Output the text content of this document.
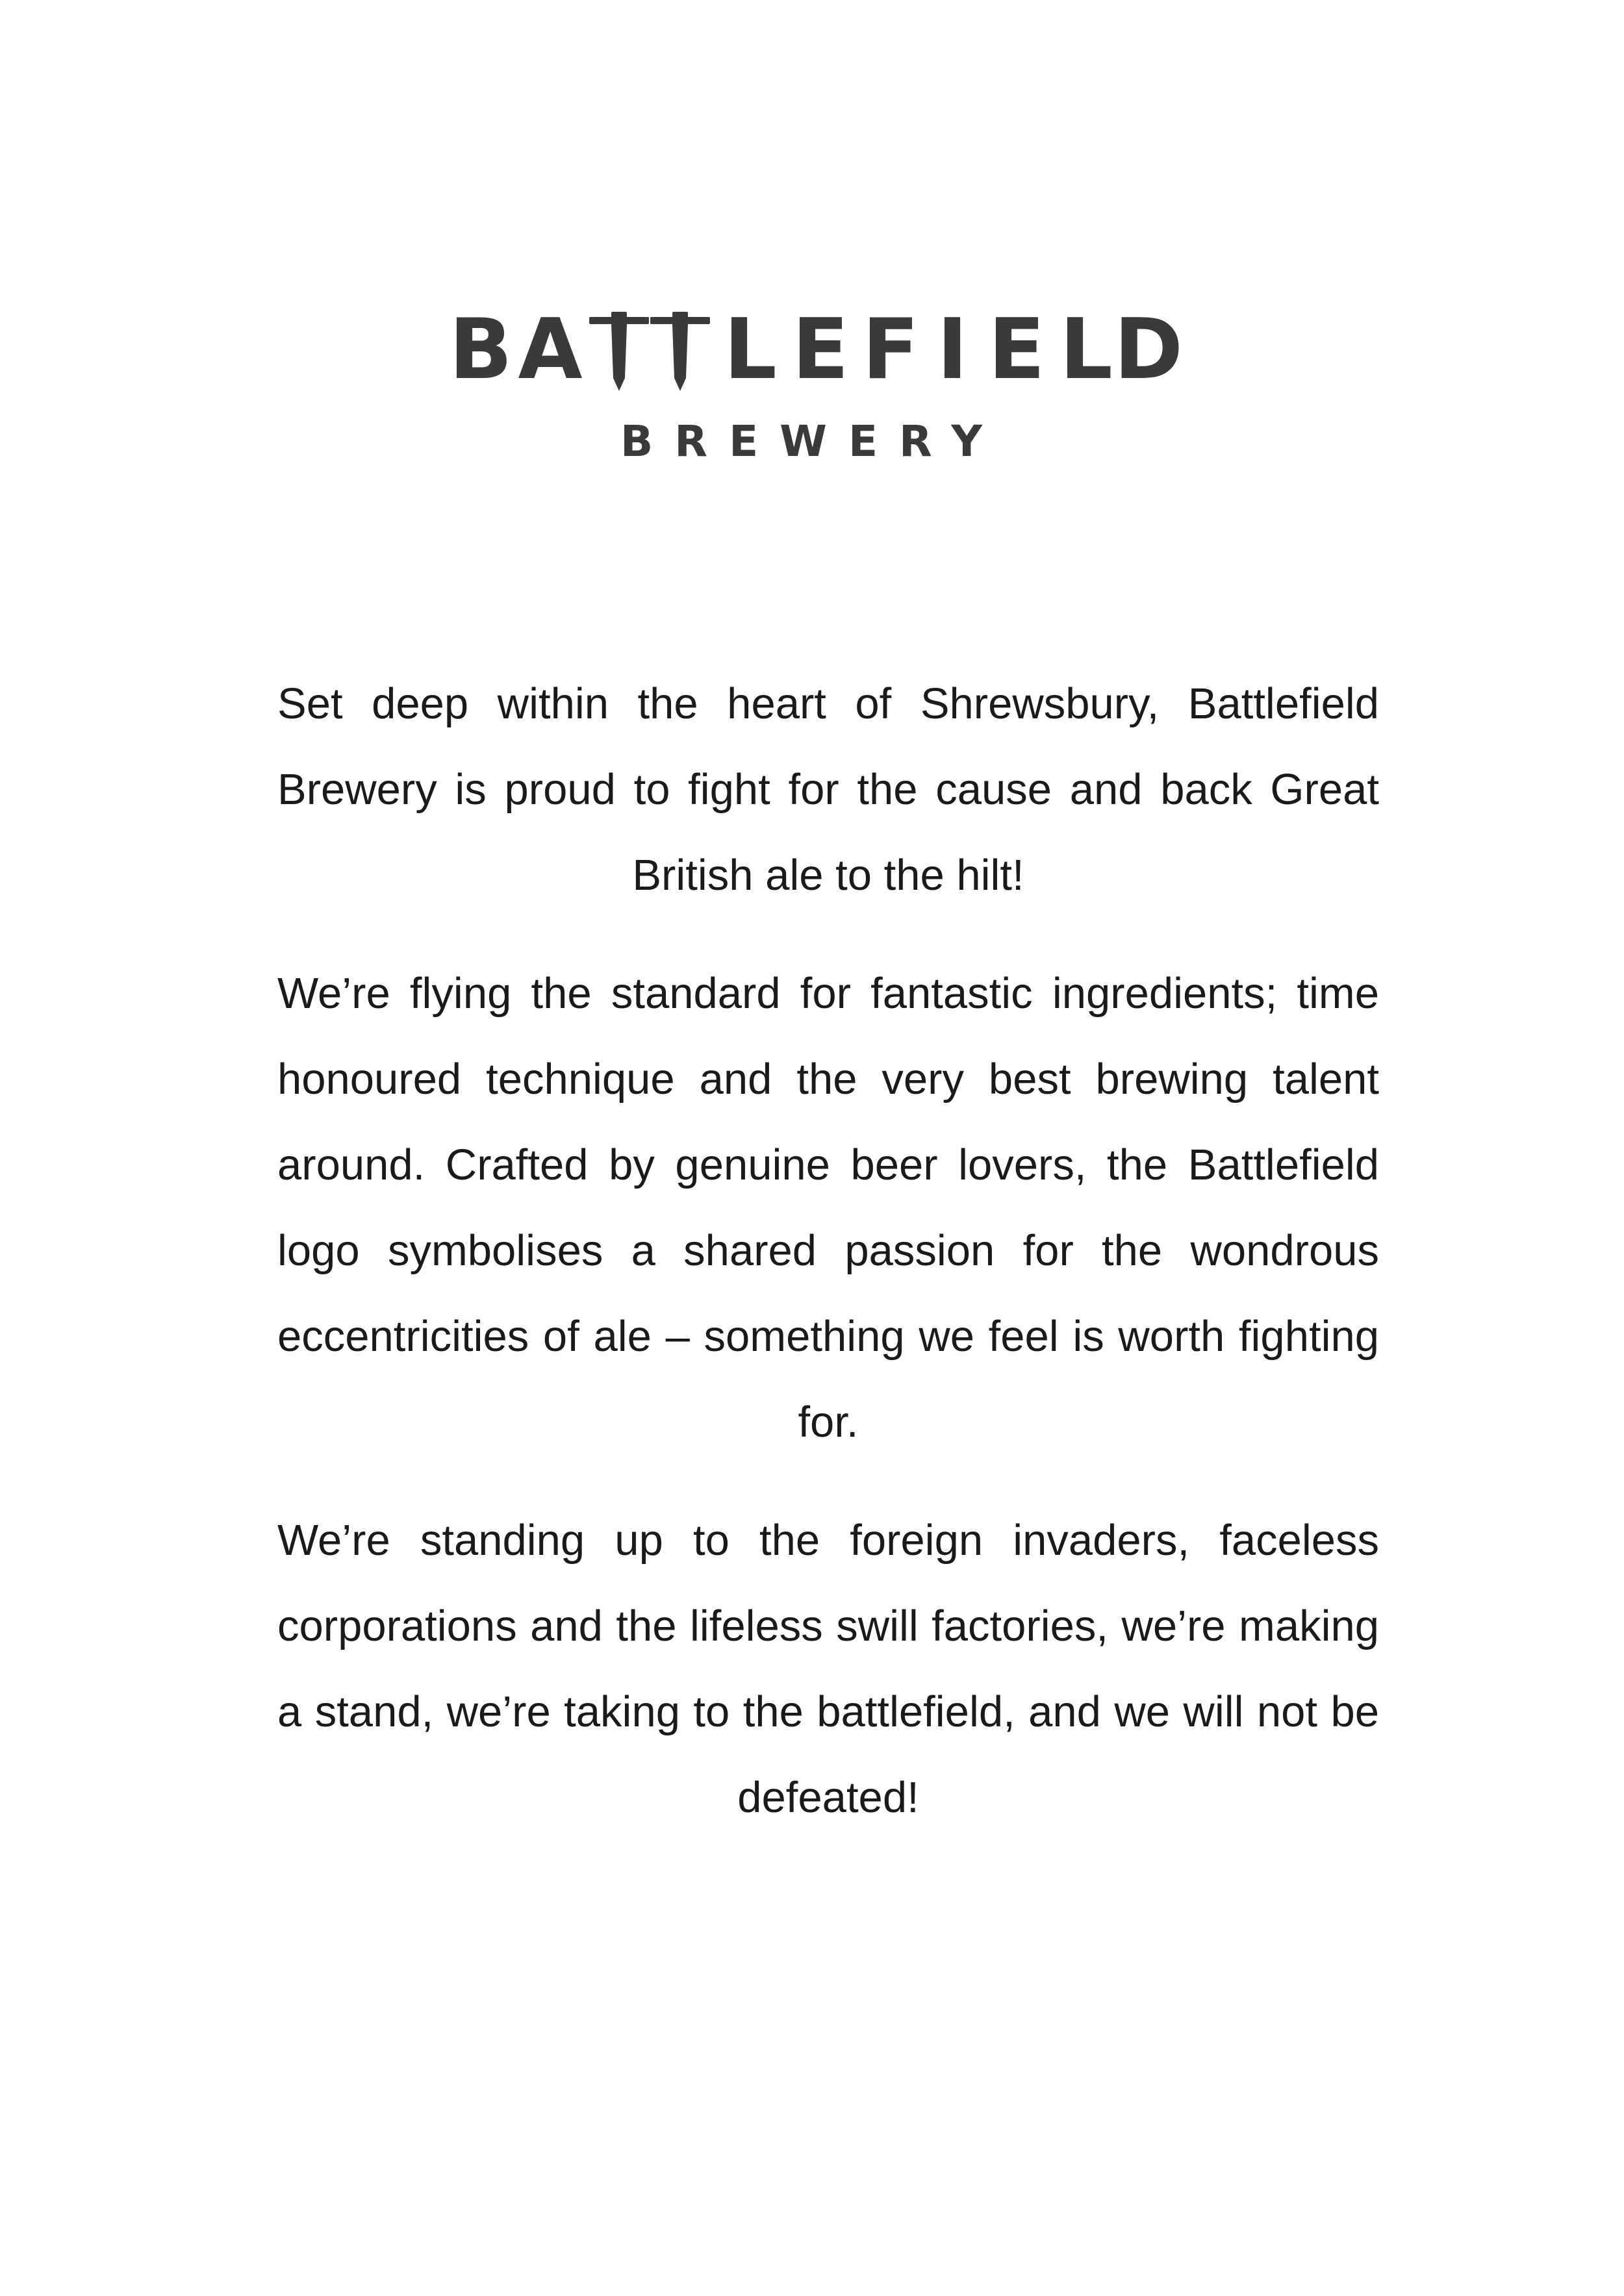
B A L E F I E L D
BREWERY

Set deep within the heart of Shrewsbury, Battlefield Brewery is proud to fight for the cause and back Great British ale to the hilt!

We’re flying the standard for fantastic ingredients; time honoured technique and the very best brewing talent around. Crafted by genuine beer lovers, the Battlefield logo symbolises a shared passion for the wondrous eccentricities of ale – something we feel is worth fighting for.

We’re standing up to the foreign invaders, faceless corporations and the lifeless swill factories, we’re making a stand, we’re taking to the battlefield, and we will not be defeated!
